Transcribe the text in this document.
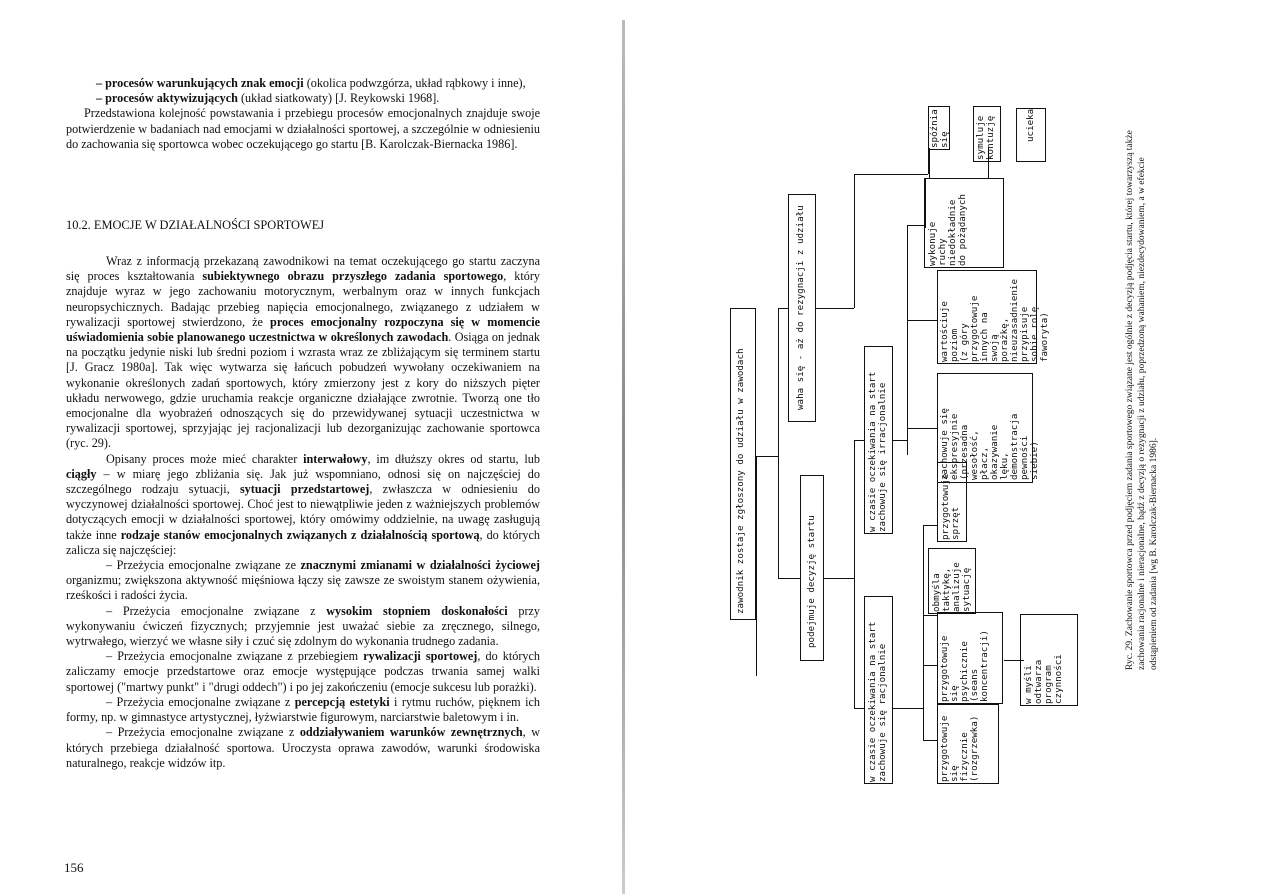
– procesów warunkujących znak emocji (okolica podwzgórza, układ rąbkowy i inne),

– procesów aktywizujących (układ siatkowaty) [J. Reykowski 1968].

Przedstawiona kolejność powstawania i przebiegu procesów emocjonalnych znajduje swoje potwierdzenie w badaniach nad emocjami w działalności sportowej, a szczególnie w odniesieniu do zachowania się sportowca wobec oczekującego go startu [B. Karolczak-Biernacka 1986].

10.2. EMOCJE W DZIAŁALNOŚCI SPORTOWEJ

Wraz z informacją przekazaną zawodnikowi na temat oczekującego go startu zaczyna się proces kształtowania subiektywnego obrazu przyszłego zadania sportowego, który znajduje wyraz w jego zachowaniu motorycznym, werbalnym oraz w innych funkcjach neuropsychicznych. Badając przebieg napięcia emocjonalnego, związanego z udziałem w rywalizacji sportowej stwierdzono, że proces emocjonalny rozpoczyna się w momencie uświadomienia sobie planowanego uczestnictwa w określonych zawodach. Osiąga on jednak na początku jedynie niski lub średni poziom i wzrasta wraz ze zbliżającym się terminem startu [J. Gracz 1980a]. Tak więc wytwarza się łańcuch pobudzeń wywołany oczekiwaniem na wykonanie określonych zadań sportowych, który zmierzony jest z kory do niższych pięter układu nerwowego, gdzie uruchamia reakcje organiczne działające zwrotnie. Tworzą one tło emocjonalne dla wyobrażeń odnoszących się do przewidywanej sytuacji uczestnictwa w rywalizacji sportowej, sprzyjając jej racjonalizacji lub dezorganizując zachowanie sportowca (ryc. 29).

Opisany proces może mieć charakter interwałowy, im dłuższy okres od startu, lub ciągły – w miarę jego zbliżania się. Jak już wspomniano, odnosi się on najczęściej do szczególnego rodzaju sytuacji, sytuacji przedstartowej, zwłaszcza w odniesieniu do wyczynowej działalności sportowej. Choć jest to niewątpliwie jeden z ważniejszych problemów dotyczących emocji w działalności sportowej, który omówimy oddzielnie, na uwagę zasługują także inne rodzaje stanów emocjonalnych związanych z działalnością sportową, do których zalicza się najczęściej:

– Przeżycia emocjonalne związane ze znacznymi zmianami w działalności życiowej organizmu; zwiększona aktywność mięśniowa łączy się zawsze ze swoistym stanem ożywienia, rześkości i radości życia.

– Przeżycia emocjonalne związane z wysokim stopniem doskonałości przy wykonywaniu ćwiczeń fizycznych; przyjemnie jest uważać siebie za zręcznego, silnego, wytrwałego, wierzyć we własne siły i czuć się zdolnym do wykonania trudnego zadania.

– Przeżycia emocjonalne związane z przebiegiem rywalizacji sportowej, do których zaliczamy emocje przedstartowe oraz emocje występujące podczas trwania samej walki sportowej ("martwy punkt" i "drugi oddech") i po jej zakończeniu (emocje sukcesu lub porażki).

– Przeżycia emocjonalne związane z percepcją estetyki i rytmu ruchów, pięknem ich formy, np. w gimnastyce artystycznej, łyżwiarstwie figurowym, narciarstwie baletowym i in.

– Przeżycia emocjonalne związane z oddziaływaniem warunków zewnętrznych, w których przebiega działalność sportowa. Uroczysta oprawa zawodów, warunki środowiska naturalnego, reakcje widzów itp.

156
zawodnik zostaje zgłoszony do udziału w zawodach
waha się - aż do rezygnacji z udziału
podejmuje decyzję startu	w czasie oczekiwania na start
zachowuje się irracjonalnie
w czasie oczekiwania na start
zachowuje się racjonalnie
wykonuje
ruchy
niedokładnie
do pożądanych
spóźnia
się	symuluje
kontuzję	ucieka
wartościuje
poziom
(z góry
przygotowuje
innych na
swoją
porażkę,
nieuzasadnienie
przypisuje
sobie rolę
faworyta)
zachowuje się
ekspresyjnie
(przesadna
wesołość,
płacz,
okazywanie
lęku,
demonstracja
pewności
siebie)
przygotowuje
sprzęt
obmyśla
taktykę,
analizuje
sytuację
przygotowuje
się
psychicznie
(seans
koncentracji)	w myśli
odtwarza
program
czynności
przygotowuje
się
fizycznie
(rozgrzewka)
Ryc. 29. Zachowanie sportowca przed podjęciem zadania sportowego związane jest ogólnie z decyzją podjęcia startu, której towarzyszą także zachowania racjonalne i nieracjonalne, bądź z decyzją o rezygnacji z udziału, poprzedzoną wahaniem, niezdecydowaniem, a w efekcie odstąpieniem od zadania [wg B. Karolczak-Biernacka 1986].
